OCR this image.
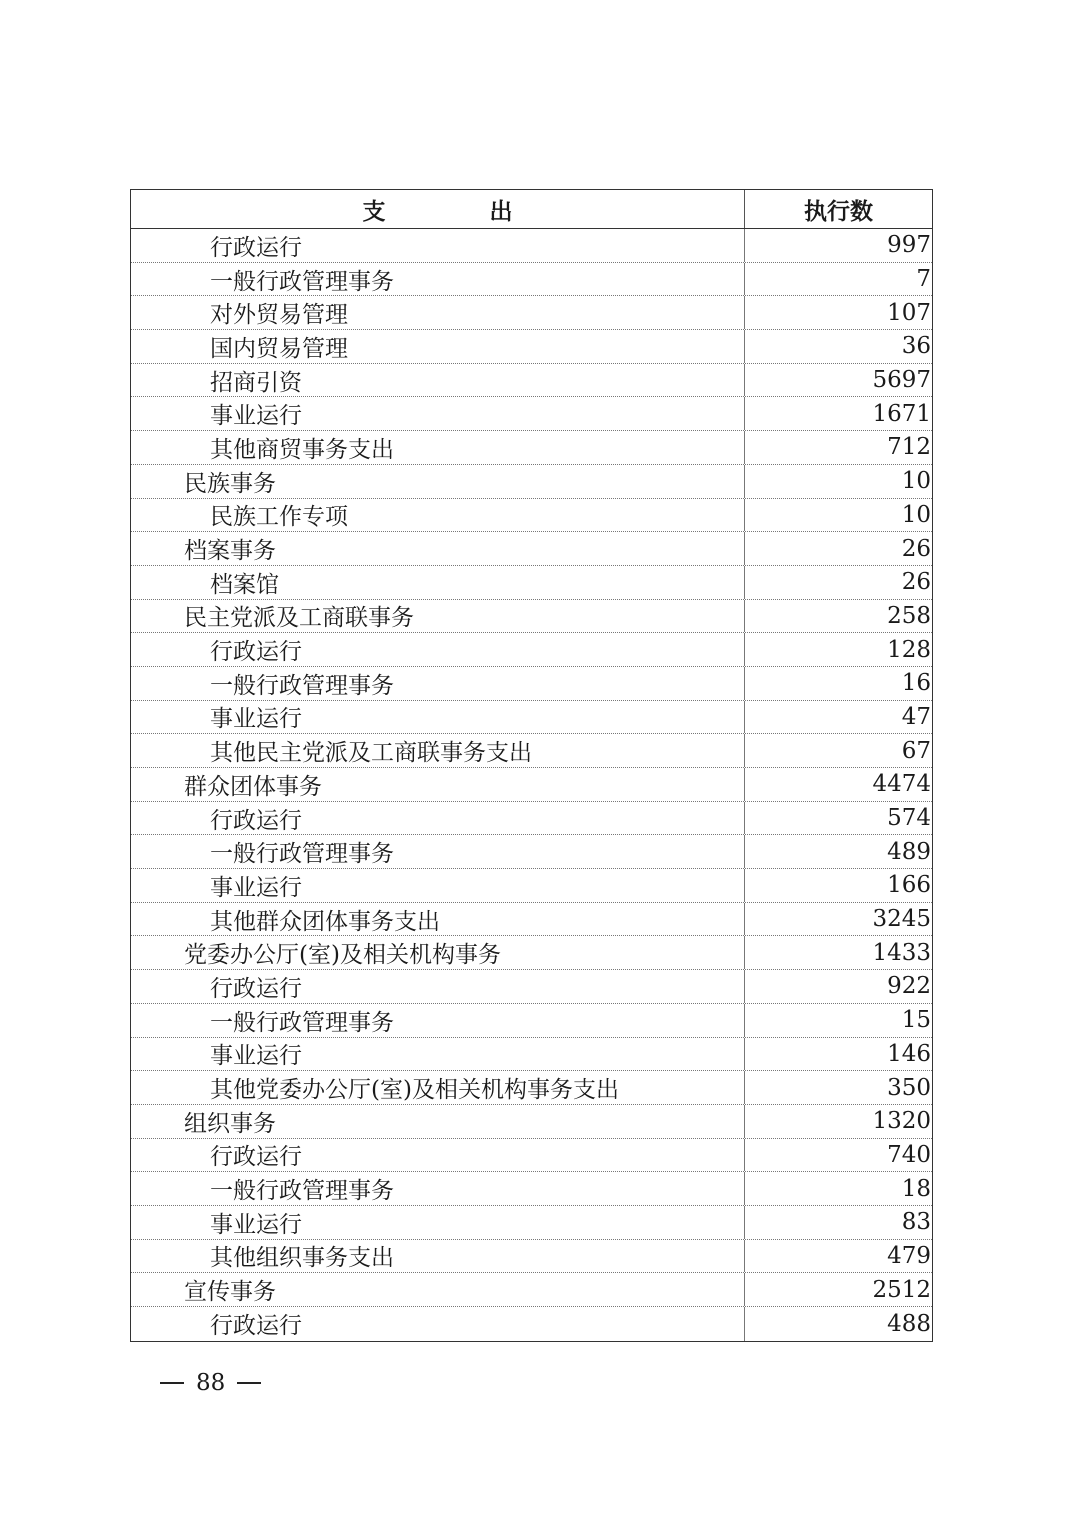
支出	执行数
行政运行	997
一般行政管理事务	7
对外贸易管理	107
国内贸易管理	36
招商引资	5697
事业运行	1671
其他商贸事务支出	712
民族事务	10
民族工作专项	10
档案事务	26
档案馆	26
民主党派及工商联事务	258
行政运行	128
一般行政管理事务	16
事业运行	47
其他民主党派及工商联事务支出	67
群众团体事务	4474
行政运行	574
一般行政管理事务	489
事业运行	166
其他群众团体事务支出	3245
党委办公厅(室)及相关机构事务	1433
行政运行	922
一般行政管理事务	15
事业运行	146
其他党委办公厅(室)及相关机构事务支出	350
组织事务	1320
行政运行	740
一般行政管理事务	18
事业运行	83
其他组织事务支出	479
宣传事务	2512
行政运行	488
88
